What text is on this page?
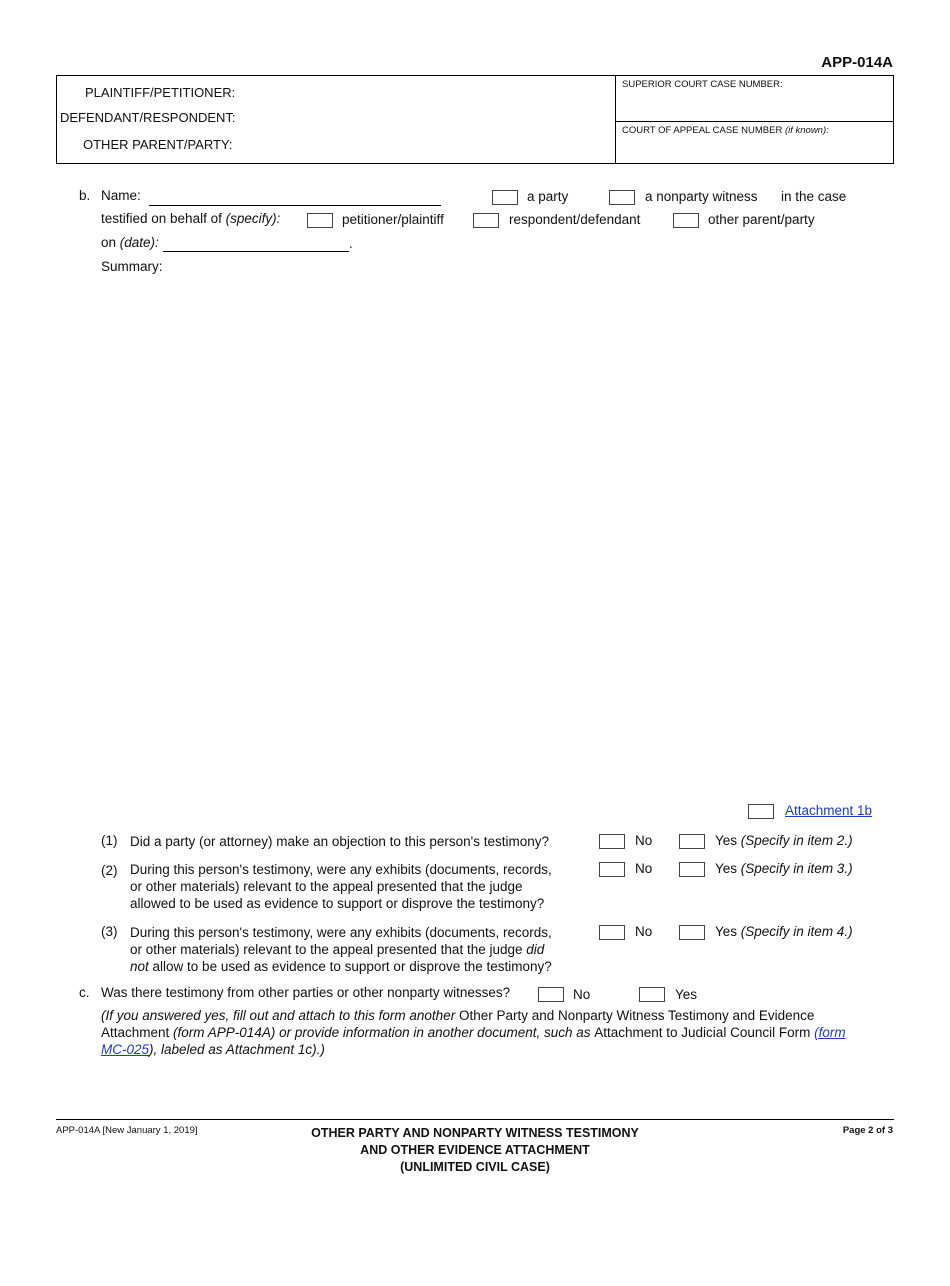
APP-014A
PLAINTIFF/PETITIONER:
DEFENDANT/RESPONDENT:
OTHER PARENT/PARTY:
SUPERIOR COURT CASE NUMBER:
COURT OF APPEAL CASE NUMBER (if known):
b. Name:	a party	a nonparty witness in the case
testified on behalf of (specify):	petitioner/plaintiff	respondent/defendant	other parent/party
on (date):	.
Summary:
Attachment 1b
(1) Did a party (or attorney) make an objection to this person's testimony?	No	Yes (Specify in item 2.)
(2) During this person's testimony, were any exhibits (documents, records,
or other materials) relevant to the appeal presented that the judge
allowed to be used as evidence to support or disprove the testimony?
No	Yes (Specify in item 3.)
(3) During this person's testimony, were any exhibits (documents, records,
or other materials) relevant to the appeal presented that the judge did
not allow to be used as evidence to support or disprove the testimony?
No	Yes (Specify in item 4.)
c. Was there testimony from other parties or other nonparty witnesses?	No	Yes
(If you answered yes, fill out and attach to this form another Other Party and Nonparty Witness Testimony and Evidence
Attachment (form APP-014A) or provide information in another document, such as Attachment to Judicial Council Form (form
MC-025), labeled as Attachment 1c).)
APP-014A [New January 1, 2019]	OTHER PARTY AND NONPARTY WITNESS TESTIMONY
AND OTHER EVIDENCE ATTACHMENT
(UNLIMITED CIVIL CASE)
Page 2 of 3
